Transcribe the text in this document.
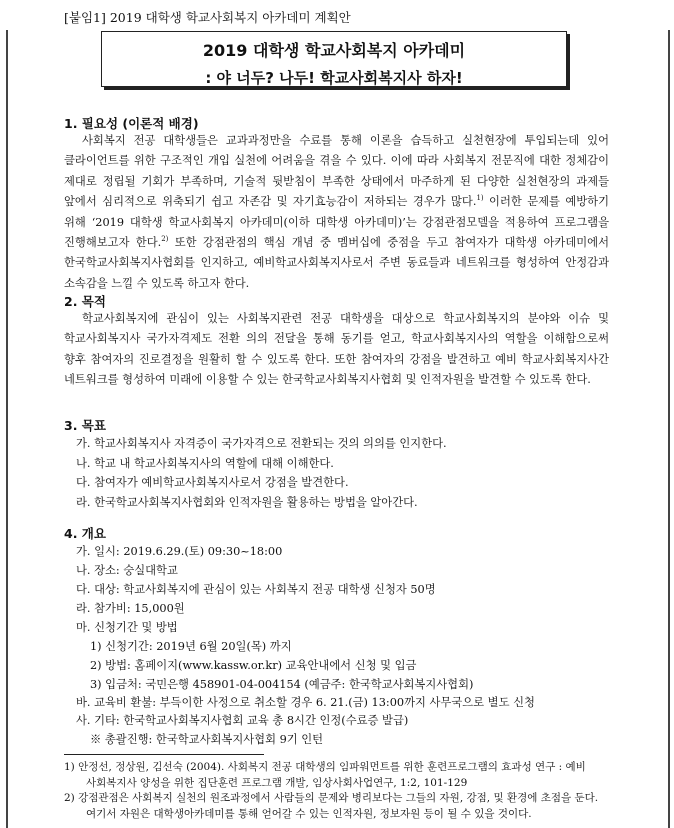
[붙임1] 2019 대학생 학교사회복지 아카데미 계획안
2019 대학생 학교사회복지 아카데미
: 야 너두? 나두! 학교사회복지사 하자!
1. 필요성 (이론적 배경)
사회복지 전공 대학생들은 교과과정만을 수료를 통해 이론을 습득하고 실천현장에 투입되는데 있어 클라이언트를 위한 구조적인 개입 실천에 어려움을 겪을 수 있다. 이에 따라 사회복지 전문직에 대한 정체감이 제대로 정립될 기회가 부족하며, 기술적 뒷받침이 부족한 상태에서 마주하게 된 다양한 실천현장의 과제들 앞에서 심리적으로 위축되기 쉽고 자존감 및 자기효능감이 저하되는 경우가 많다.$^{1)}$ 이러한 문제를 예방하기 위해 ‘2019 대학생 학교사회복지 아카데미(이하 대학생 아카데미)’는 강점관점모델을 적용하여 프로그램을 진행해보고자 한다.$^{2)}$ 또한 강점관점의 핵심 개념 중 멤버십에 중점을 두고 참여자가 대학생 아카데미에서 한국학교사회복지사협회를 인지하고, 예비학교사회복지사로서 주변 동료들과 네트워크를 형성하여 안정감과 소속감을 느낄 수 있도록 하고자 한다.
2. 목적
학교사회복지에 관심이 있는 사회복지관련 전공 대학생을 대상으로 학교사회복지의 분야와 이슈 및 학교사회복지사 국가자격제도 전환 의의 전달을 통해 동기를 얻고, 학교사회복지사의 역할을 이해함으로써 향후 참여자의 진로결정을 원활히 할 수 있도록 한다. 또한 참여자의 강점을 발견하고 예비 학교사회복지사간 네트워크를 형성하여 미래에 이용할 수 있는 한국학교사회복지사협회 및 인적자원을 발견할 수 있도록 한다.
3. 목표
가. 학교사회복지사 자격증이 국가자격으로 전환되는 것의 의의를 인지한다.
나. 학교 내 학교사회복지사의 역할에 대해 이해한다.
다. 참여자가 예비학교사회복지사로서 강점을 발견한다.
라. 한국학교사회복지사협회와 인적자원을 활용하는 방법을 알아간다.
4. 개요
가. 일시: 2019.6.29.(토) 09:30~18:00
나. 장소: 숭실대학교
다. 대상: 학교사회복지에 관심이 있는 사회복지 전공 대학생 신청자 50명
라. 참가비: 15,000원
마. 신청기간 및 방법
1) 신청기간: 2019년 6월 20일(목) 까지
2) 방법: 홈페이지(www.kassw.or.kr) 교육안내에서 신청 및 입금
3) 입금처: 국민은행 458901-04-004154 (예금주: 한국학교사회복지사협회)
바. 교육비 환불: 부득이한 사정으로 취소할 경우 6. 21.(금) 13:00까지 사무국으로 별도 신청
사. 기타: 한국학교사회복지사협회 교육 총 8시간 인정(수료증 발급)
※ 총괄진행: 한국학교사회복지사협회 9기 인턴
1) 안정선, 정상원, 김선숙 (2004). 사회복지 전공 대학생의 임파워먼트를 위한 훈련프로그램의 효과성 연구 : 예비 사회복지사 양성을 위한 집단훈련 프로그램 개발, 임상사회사업연구, 1:2, 101-129
2) 강점관점은 사회복지 실천의 원조과정에서 사람들의 문제와 병리보다는 그들의 자원, 강점, 및 환경에 초점을 둔다. 여기서 자원은 대학생아카데미를 통해 얻어갈 수 있는 인적자원, 정보자원 등이 될 수 있을 것이다.
